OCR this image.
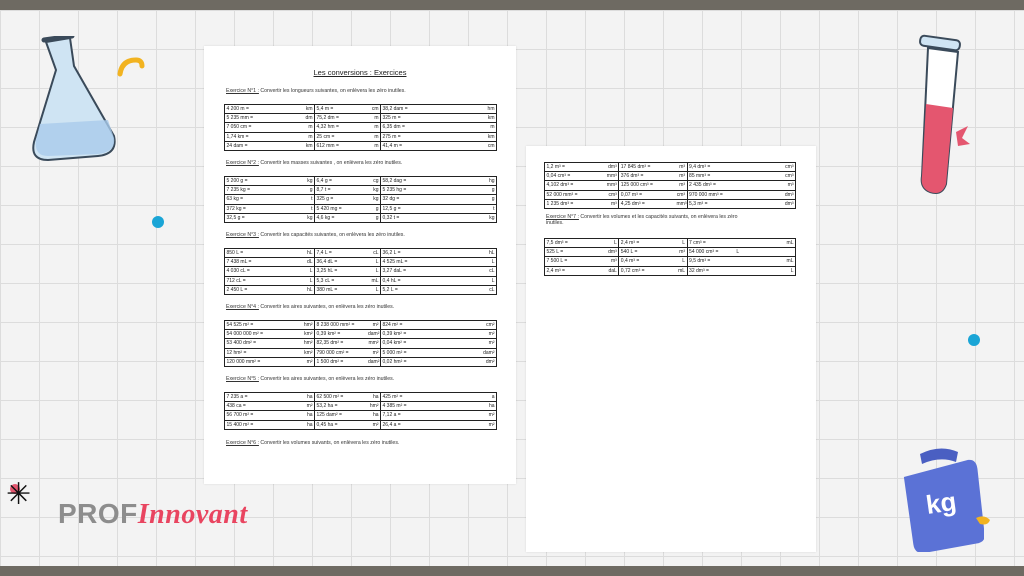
Les conversions : Exercices
Exercice N°1 : Convertir les longueurs suivantes, on enlèvera les zéro inutiles.
4 200 m =	km	5,4 m =	cm	38,2 dam =	hm
5 235 mm =	dm	75,2 dm =	m	325 m =	km
7 050 cm =	m	4,32 hm =	m	6,35 dm =	m
1,74 km =	m	25 cm =	m	275 m =	km
24 dam =	km	612 mm =	m	41,4 m =	cm
Exercice N°2 : Convertir les masses suivantes , on enlèvera les zéro inutiles.
5 200 g =	kg	6,4 g =	cg	58,2 dag =	hg
7 235 kg =	g	8,7 t =	kg	5 235 hg =	g
63 kg =	t	325 g =	kg	32 dg =	g
372 kg =	t	5 420 mg =	g	12,5 g =	t
32,5 g =	kg	4,6 kg =	g	0,32 t =	kg
Exercice N°3 : Convertir les capacités suivantes, on enlèvera les zéro inutiles.
850 L =	hL	7,4 L =	cL	36,2 L =	hL
7 438 mL =	dL	36,4 dL =	L	4 525 mL =	L
4 030 cL =	L	3,25 hL =	L	3,27 daL =	cL
712 cL =	L	5,3 cL =	mL	0,4 hL =	L
2 450 L =	hL	380 mL =	L	5,2 L =	cL
Exercice N°4 : Convertir les aires suivantes, on enlèvera les zéro inutiles.
54 525 m² =	hm²	8 238 000 mm² =	m²	824 m² =	cm²
54 000 000 m² =	km²	0,39 km² =	dam²	0,39 km² =	m²
53 400 dm² =	hm²	82,35 dm² =	mm²	0,04 km² =	m²
12 hm² =	km²	790 000 cm² =	m²	5 000 m² =	dam²
120 000 mm² =	m²	1 500 dm² =	dam²	0,02 hm² =	dm²
Exercice N°5 : Convertir les aires suivantes, on enlèvera les zéro inutiles.
7 235 a =	ha	62 500 m² =	ha	425 m² =	a
438 ca =	m²	53,2 ha =	hm²	4 385 m² =	ha
56 700 m² =	ha	125 dam² =	ha	7,12 a =	m²
15 400 m² =	ha	0,45 ha =	m²	26,4 a =	m²
Exercice N°6 : Convertir les volumes suivants, on enlèvera les zéro inutiles.
1,2 m³ =	dm³	17 845 dm³ =	m³	9,4 dm³ =	cm³
0,04 cm³ =	mm³	376 dm³ =	m³	85 mm³ =	cm³
4,102 dm³ =	mm³	125 000 cm³ =	m³	2 435 dm³ =	m³
52 000 mm³ =	cm³	0,07 m³ =	cm³	970 000 mm³ =	dm³
1 235 dm³ =	m³	4,25 dm³ =	mm³	5,3 m³ =	dm³
Exercice N°7 : Convertir les volumes et les capacités suivants, on enlèvera les zéro
inutiles.
7,5 dm³ =	L	2,4 m³ =	L	7 cm³ =	mL
525 L =	dm³	540 L =	m³	54 000 cm³ =             L	
7 500 L =	m³	0,4 m³ =	L	9,5 dm³ =	mL
2,4 m³ =	daL	0,72 cm³ =	mL	32 dm³ =	L
kg
✳
PROFInnovant
